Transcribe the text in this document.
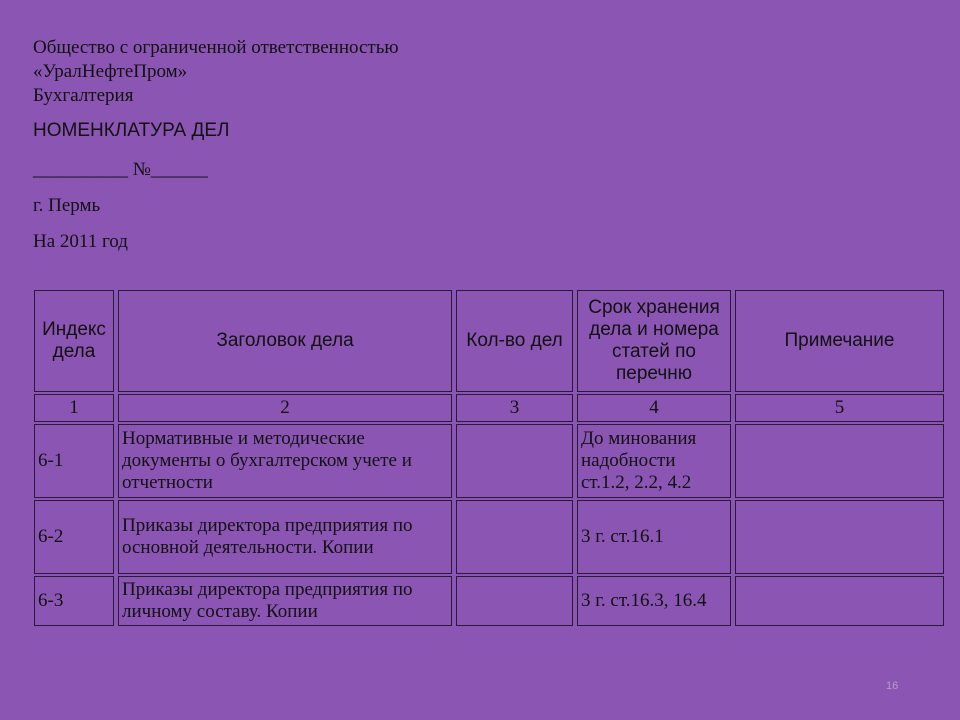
Общество с ограниченной ответственностью

«УралНефтеПром»

Бухгалтерия

НОМЕНКЛАТУРА ДЕЛ

__________ №______

г. Пермь

На 2011 год

Индекс дела	Заголовок дела	Кол-во дел	Срок хранения дела и номера статей по перечню	Примечание
1	2	3	4	5
6-1	Нормативные и методические документы о бухгалтерском учете и отчетности		До минования надобности ст.1.2, 2.2, 4.2	
6-2	Приказы директора предприятия по основной деятельности. Копии		3 г. ст.16.1	
6-3	Приказы директора предприятия по личному составу. Копии		3 г. ст.16.3, 16.4	
16
